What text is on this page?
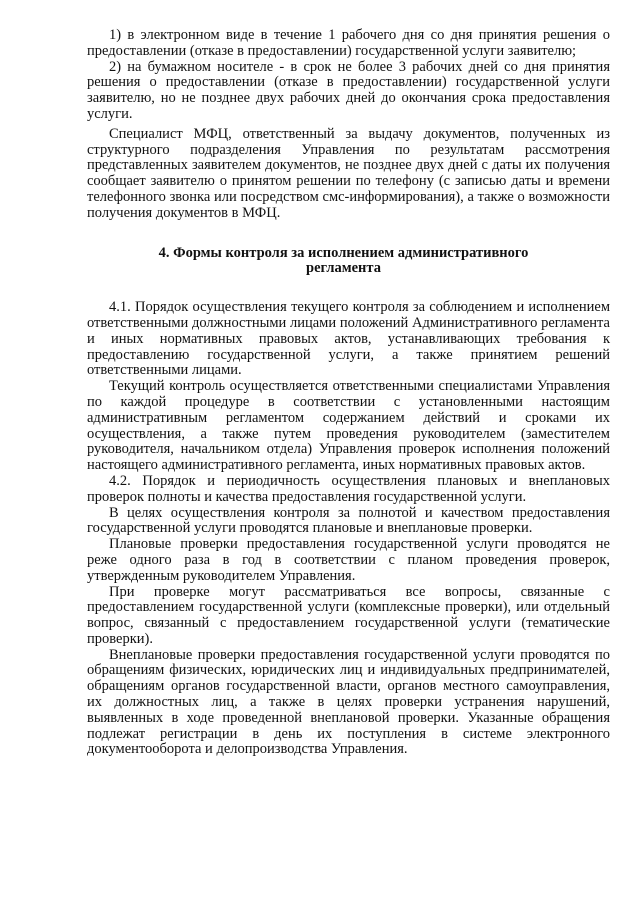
1) в электронном виде в течение 1 рабочего дня со дня принятия решения о предоставлении (отказе в предоставлении) государственной услуги заявителю;

2) на бумажном носителе - в срок не более 3 рабочих дней со дня принятия решения о предоставлении (отказе в предоставлении) государственной услуги заявителю, но не позднее двух рабочих дней до окончания срока предоставления услуги.

Специалист МФЦ, ответственный за выдачу документов, полученных из структурного подразделения Управления по результатам рассмотрения представленных заявителем документов, не позднее двух дней с даты их получения сообщает заявителю о принятом решении по телефону (с записью даты и времени телефонного звонка или посредством смс-информирования), а также о возможности получения документов в МФЦ.

4. Формы контроля за исполнением административного регламента

4.1. Порядок осуществления текущего контроля за соблюдением и исполнением ответственными должностными лицами положений Административного регламента и иных нормативных правовых актов, устанавливающих требования к предоставлению государственной услуги, а также принятием решений ответственными лицами.

Текущий контроль осуществляется ответственными специалистами Управления по каждой процедуре в соответствии с установленными настоящим административным регламентом содержанием действий и сроками их осуществления, а также путем проведения руководителем (заместителем руководителя, начальником отдела) Управления проверок исполнения положений настоящего административного регламента, иных нормативных правовых актов.

4.2. Порядок и периодичность осуществления плановых и внеплановых проверок полноты и качества предоставления государственной услуги.

В целях осуществления контроля за полнотой и качеством предоставления государственной услуги проводятся плановые и внеплановые проверки.

Плановые проверки предоставления государственной услуги проводятся не реже одного раза в год в соответствии с планом проведения проверок, утвержденным руководителем Управления.

При проверке могут рассматриваться все вопросы, связанные с предоставлением государственной услуги (комплексные проверки), или отдельный вопрос, связанный с предоставлением государственной услуги (тематические проверки).

Внеплановые проверки предоставления государственной услуги проводятся по обращениям физических, юридических лиц и индивидуальных предпринимателей, обращениям органов государственной власти, органов местного самоуправления, их должностных лиц, а также в целях проверки устранения нарушений, выявленных в ходе проведенной внеплановой проверки. Указанные обращения подлежат регистрации в день их поступления в системе электронного документооборота и делопроизводства Управления.
